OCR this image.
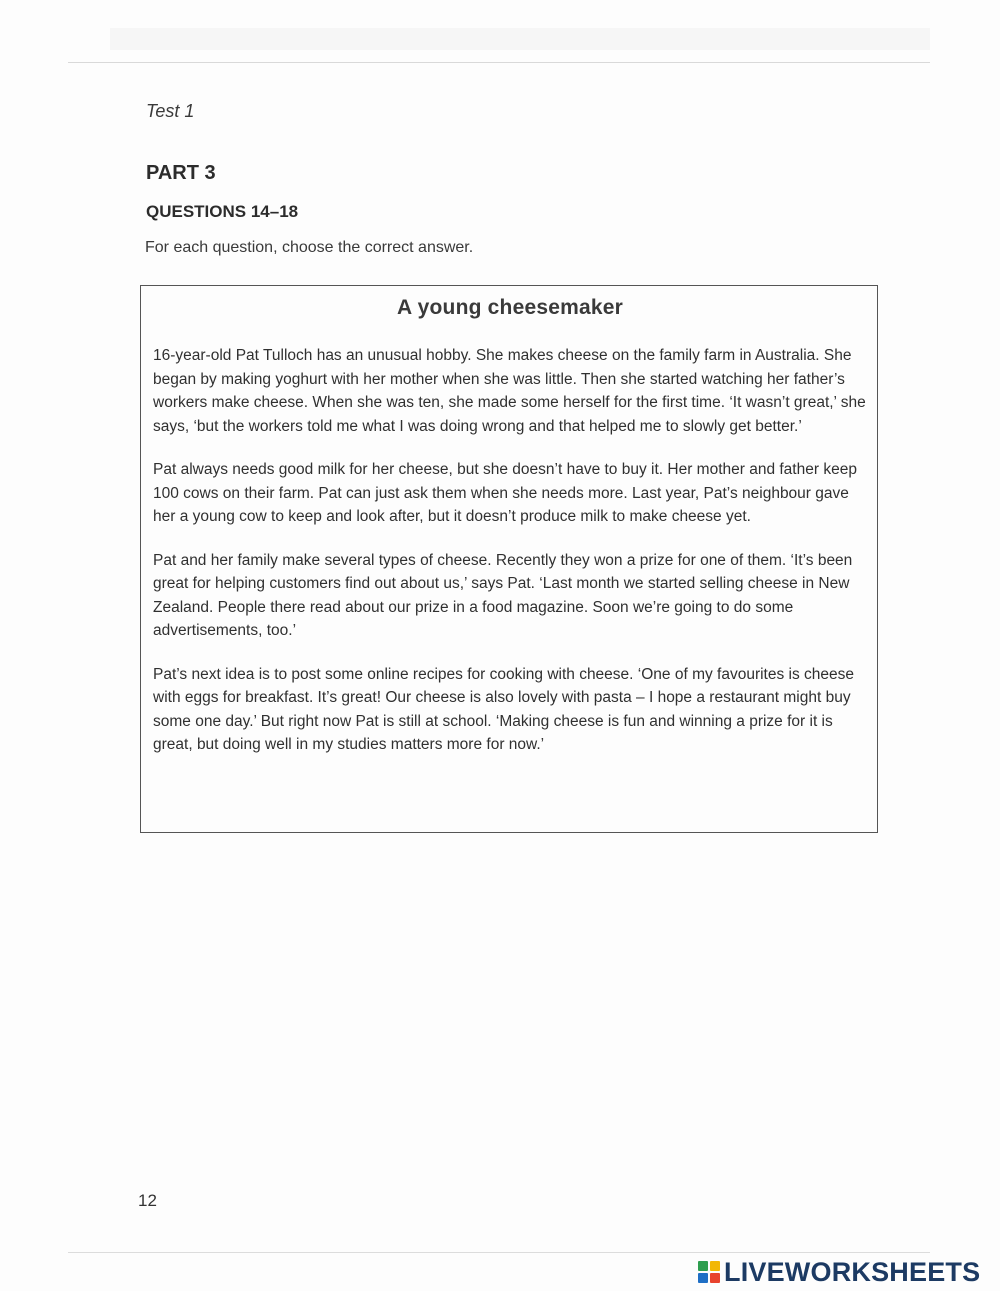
Test 1
PART 3
QUESTIONS 14–18
For each question, choose the correct answer.
A young cheesemaker

16-year-old Pat Tulloch has an unusual hobby. She makes cheese on the family farm in Australia. She began by making yoghurt with her mother when she was little. Then she started watching her father’s workers make cheese. When she was ten, she made some herself for the first time. ‘It wasn’t great,’ she says, ‘but the workers told me what I was doing wrong and that helped me to slowly get better.’

Pat always needs good milk for her cheese, but she doesn’t have to buy it. Her mother and father keep 100 cows on their farm. Pat can just ask them when she needs more. Last year, Pat’s neighbour gave her a young cow to keep and look after, but it doesn’t produce milk to make cheese yet.

Pat and her family make several types of cheese. Recently they won a prize for one of them. ‘It’s been great for helping customers find out about us,’ says Pat. ‘Last month we started selling cheese in New Zealand. People there read about our prize in a food magazine. Soon we’re going to do some advertisements, too.’

Pat’s next idea is to post some online recipes for cooking with cheese. ‘One of my favourites is cheese with eggs for breakfast. It’s great! Our cheese is also lovely with pasta – I hope a restaurant might buy some one day.’ But right now Pat is still at school. ‘Making cheese is fun and winning a prize for it is great, but doing well in my studies matters more for now.’

12
LIVEWORKSHEETS
